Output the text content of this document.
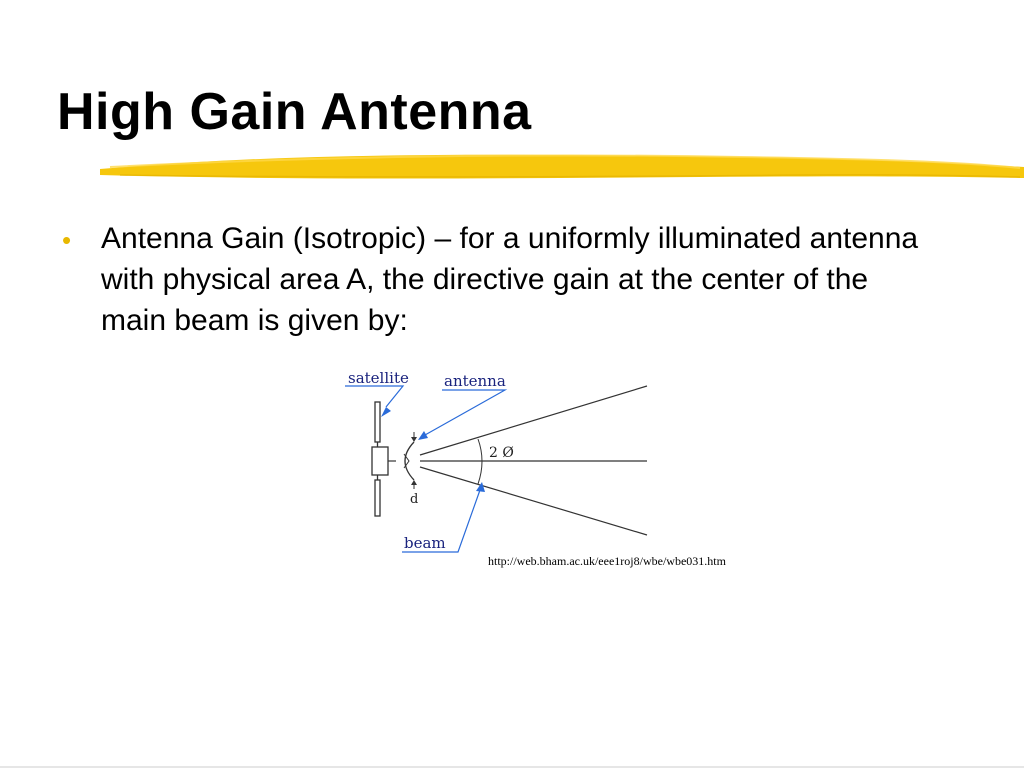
High Gain Antenna
• Antenna Gain (Isotropic) – for a uniformly illuminated antenna with physical area A, the directive gain at the center of the main beam is given by:
satellite antenna
d
2 Ø
beam
http://web.bham.ac.uk/eee1roj8/wbe/wbe031.htm
